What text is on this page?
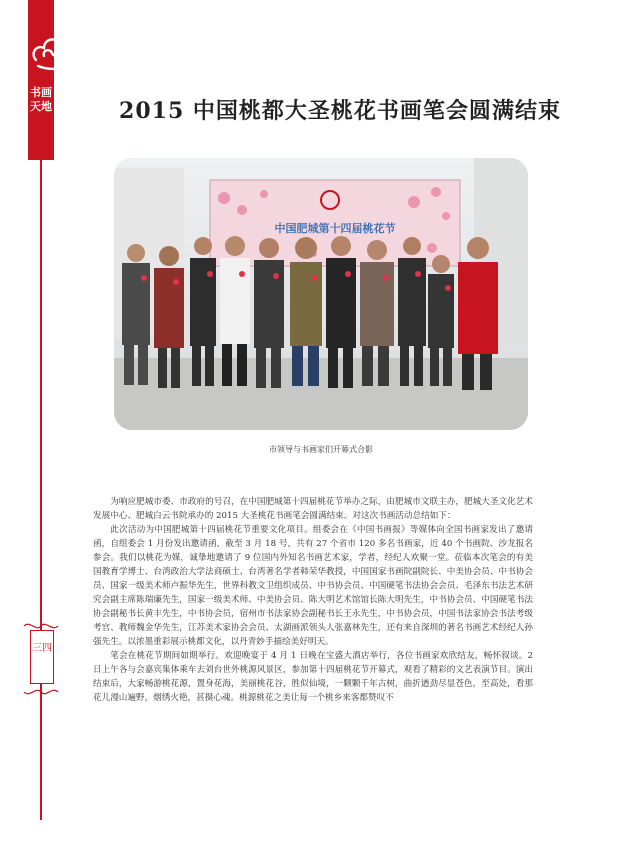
书画天地
三四
2015 中国桃都大圣桃花书画笔会圆满结束
中国肥城第十四届桃花节
市领导与书画家们开幕式合影

为响应肥城市委、市政府的号召，在中国肥城第十四届桃花节举办之际，由肥城市文联主办，肥城大圣文化艺术发展中心、肥城白云书院承办的 2015 大圣桃花书画笔会圆满结束。对这次书画活动总结如下：

此次活动为中国肥城第十四届桃花节重要文化项目。组委会在《中国书画报》等媒体向全国书画家发出了邀请函，自组委会 1 月份发出邀请函，截至 3 月 18 号，共有 27 个省市 120 多名书画家，近 40 个书画院、沙龙报名参会。我们以桃花为媒，诚挚地邀请了 9 位国内外知名书画艺术家，学者，经纪人欢聚一堂。莅临本次笔会的有美国教育学博士、台湾政治大学法商硕士、台湾著名学者韩荣华教授，中国国家书画院副院长、中美协会员、中书协会员、国家一级美术师卢振华先生，世界科教文卫组织成员、中书协会员、中国硬笔书法协会会员、毛泽东书法艺术研究会副主席陈瑞廉先生，国家一级美术师、中美协会员、陈大明艺术馆馆长陈大明先生，中书协会员、中国硬笔书法协会副秘书长黄丰先生，中书协会员，宿州市书法家协会副秘书长王永先生，中书协会员，中国书法家协会书法考级考官、教师魏金华先生，江苏美术家协会会员、太湖画派领头人张嘉林先生，还有来自深圳的著名书画艺术经纪人孙强先生。以浓墨重彩展示桃都文化，以丹青妙手描绘美好明天。

笔会在桃花节期间如期举行。欢迎晚宴于 4 月 1 日晚在宝盛大酒店举行，各位书画家欢欣结友，畅怀叙谈。2 日上午各与会嘉宾集体乘车去刘台世外桃源风景区，参加第十四届桃花节开幕式，观看了精彩的文艺表演节目。演出结束后，大家畅游桃花源，置身花海，美丽桃花谷，胜似仙境，一颗颗千年古树，曲折遒劲尽显苍色，至高处，看那花儿漫山遍野，烟绣火艳，甚摄心魂。桃源桃花之美让每一个桃乡来客都赞叹不
